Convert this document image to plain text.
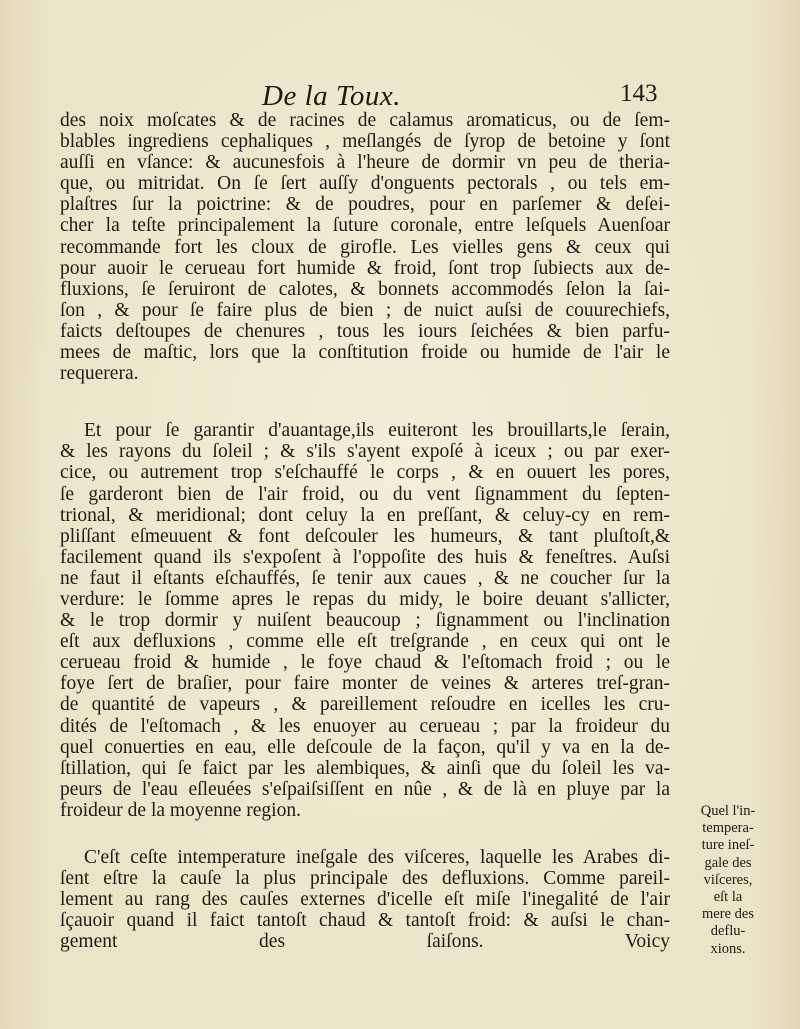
De la Toux.	143

des noix moſcates & de racines de calamus aromaticus, ou de ſem-
blables ingrediens cephaliques , meſlangés de ſyrop de betoine y ſont
auſſi en vſance: & aucunesfois à l'heure de dormir vn peu de theria-
que, ou mitridat. On ſe ſert auſſy d'onguents pectorals , ou tels em-
plaſtres ſur la poictrine: & de poudres, pour en parſemer & deſei-
cher la teſte principalement la ſuture coronale, entre leſquels Auenſoar
recommande fort les cloux de girofle. Les vielles gens & ceux qui
pour auoir le cerueau fort humide & froid, ſont trop ſubiects aux de-
fluxions, ſe ſeruiront de calotes, & bonnets accommodés ſelon la ſai-
ſon , & pour ſe faire plus de bien ; de nuict auſsi de couurechiefs,
faicts deſtoupes de chenures , tous les iours ſeichées & bien parfu-
mees de maſtic, lors que la conſtitution froide ou humide de l'air le
requerera.

Et pour ſe garantir d'auantage,ils euiteront les brouillarts,le ſerain,
& les rayons du ſoleil ; & s'ils s'ayent expoſé à iceux ; ou par exer-
cice, ou autrement trop s'eſchauffé le corps , & en ouuert les pores,
ſe garderont bien de l'air froid, ou du vent ſignamment du ſepten-
trional, & meridional; dont celuy la en preſſant, & celuy-cy en rem-
pliſſant eſmeuuent & font deſcouler les humeurs, & tant pluſtoſt,&
facilement quand ils s'expoſent à l'oppoſite des huis & feneſtres. Auſsi
ne faut il eſtants eſchauffés, ſe tenir aux caues , & ne coucher ſur la
verdure: le ſomme apres le repas du midy, le boire deuant s'allicter,
& le trop dormir y nuiſent beaucoup ; ſignamment ou l'inclination
eſt aux defluxions , comme elle eſt treſgrande , en ceux qui ont le
cerueau froid & humide , le foye chaud & l'eſtomach froid ; ou le
foye ſert de braſier, pour faire monter de veines & arteres treſ-gran-
de quantité de vapeurs , & pareillement reſoudre en icelles les cru-
dités de l'eſtomach , & les enuoyer au cerueau ; par la froideur du
quel conuerties en eau, elle deſcoule de la façon, qu'il y va en la de-
ſtillation, qui ſe faict par les alembiques, & ainſi que du ſoleil les va-
peurs de l'eau eſleuées s'eſpaiſsiſſent en nûe , & de là en pluye par la
froideur de la moyenne region.

C'eſt ceſte intemperature ineſgale des viſceres, laquelle les Arabes di-
ſent eſtre la cauſe la plus principale des defluxions. Comme pareil-
lement au rang des cauſes externes d'icelle eſt miſe l'inegalité de l'air
ſçauoir quand il faict tantoſt chaud & tantoſt froid: & auſsi le chan-
gement des ſaiſons.	Voicy

Quel l'in-
tempera-
ture ineſ-
gale des
viſceres,
eſt la
mere des
deflu-
xions.
